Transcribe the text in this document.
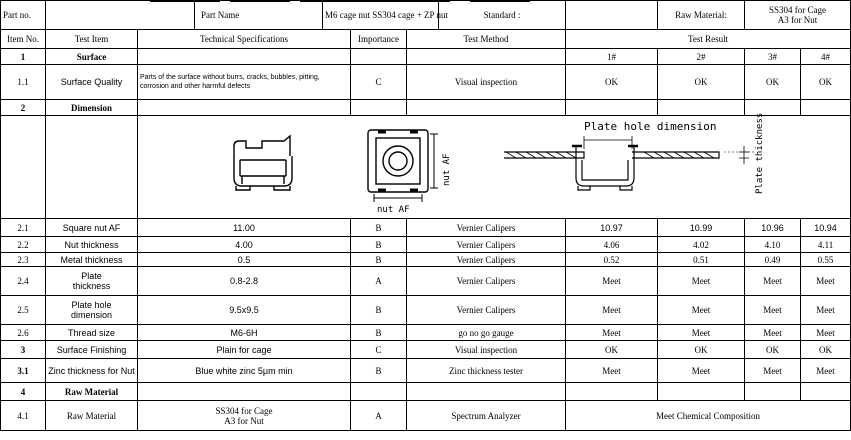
Part no.			Part Name	M6 cage nut SS304 cage + ZP nut			Standard :		Raw Material:	SS304 for Cage
A3 for Nut		

Item No.	Test Item	Technical Specifications			Importance	Test Method		Test Result				
1	Surface							1#	2#	3#	4#	
1.1	Surface Quality	Parts of the surface without burrs, cracks, bubbles, pitting, corrosion and other harmful defects			C	Visual inspection		OK	OK	OK	OK	
2	Dimension											

nut AF
nut AF
Plate hole dimension Plate thickness										

2.1	Square nut AF	11.00			B	Vernier Calipers		10.97	10.99	10.96	10.94	
2.2	Nut thickness	4.00			B	Vernier Calipers		4.06	4.02	4.10	4.11	
2.3	Metal thickness	0.5			B	Vernier Calipers		0.52	0.51	0.49	0.55	
2.4	Plate
thickness	0.8-2.8			A	Vernier Calipers		Meet	Meet	Meet	Meet	
2.5	Plate hole
dimension	9.5x9.5			B	Vernier Calipers		Meet	Meet	Meet	Meet	
2.6	Thread size	M6-6H			B	go no go gauge		Meet	Meet	Meet	Meet	
3	Surface Finishing	Plain for cage			C	Visual inspection		OK	OK	OK	OK	
3.1	Zinc thickness for Nut	Blue white zinc 5μm min			B	Zinc thickness tester		Meet	Meet	Meet	Meet	
4	Raw Material											
4.1	Raw Material	SS304 for Cage
A3 for Nut			A	Spectrum Analyzer		Meet Chemical Composition				
